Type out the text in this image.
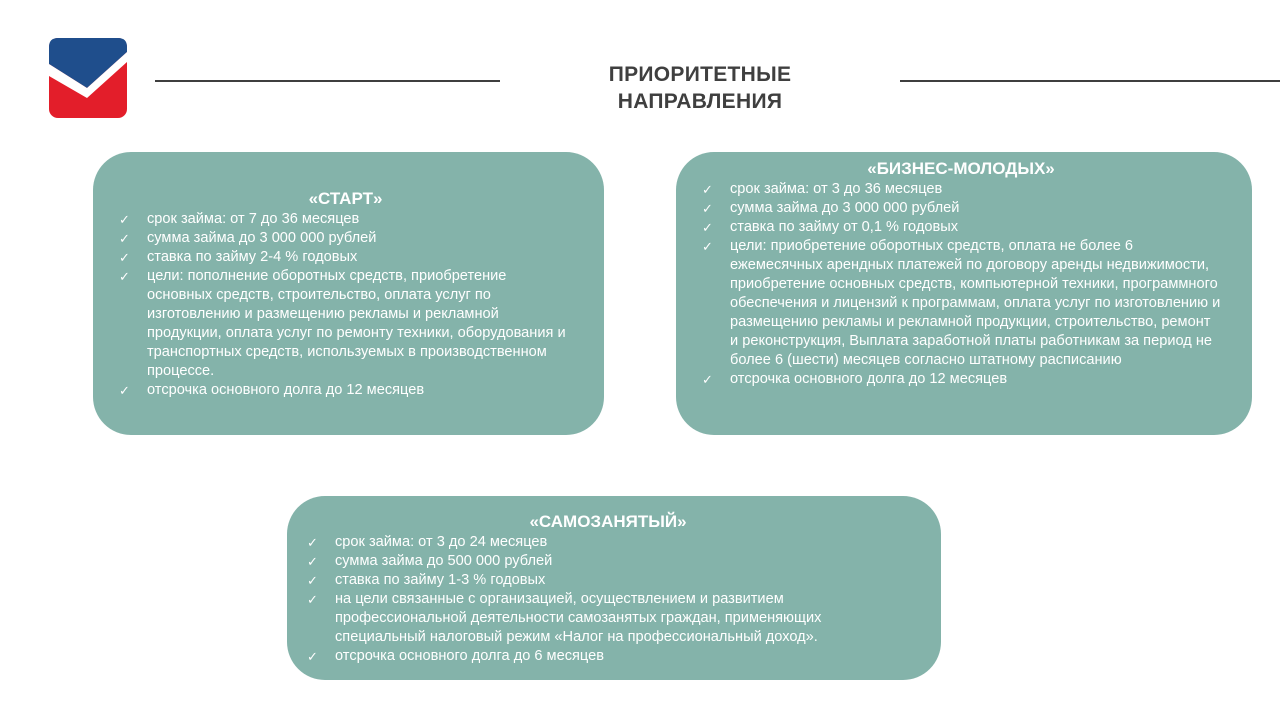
ПРИОРИТЕТНЫЕ
НАПРАВЛЕНИЯ
«СТАРТ»
✓ срок займа: от 7 до 36 месяцев
✓ сумма займа до 3 000 000 рублей
✓ ставка по займу 2-4 % годовых
✓ цели: пополнение оборотных средств, приобретение основных средств, строительство, оплата услуг по изготовлению и размещению рекламы и рекламной продукции, оплата услуг по ремонту техники, оборудования и транспортных средств, используемых в производственном процессе.
✓ отсрочка основного долга до 12 месяцев
«БИЗНЕС-МОЛОДЫХ»
✓ срок займа: от 3 до 36 месяцев
✓ сумма займа до 3 000 000 рублей
✓ ставка по займу от 0,1 % годовых
✓ цели: приобретение оборотных средств, оплата не более 6 ежемесячных арендных платежей по договору аренды недвижимости, приобретение основных средств, компьютерной техники, программного обеспечения и лицензий к программам, оплата услуг по изготовлению и размещению рекламы и рекламной продукции, строительство, ремонт и реконструкция, Выплата заработной платы работникам за период не более 6 (шести) месяцев согласно штатному расписанию
✓ отсрочка основного долга до 12 месяцев
«САМОЗАНЯТЫЙ»
✓ срок займа: от 3 до 24 месяцев
✓ сумма займа до 500 000 рублей
✓ ставка по займу 1-3 % годовых
✓ на цели связанные с организацией, осуществлением и развитием профессиональной деятельности самозанятых граждан, применяющих специальный налоговый режим «Налог на профессиональный доход».
✓ отсрочка основного долга до 6 месяцев
